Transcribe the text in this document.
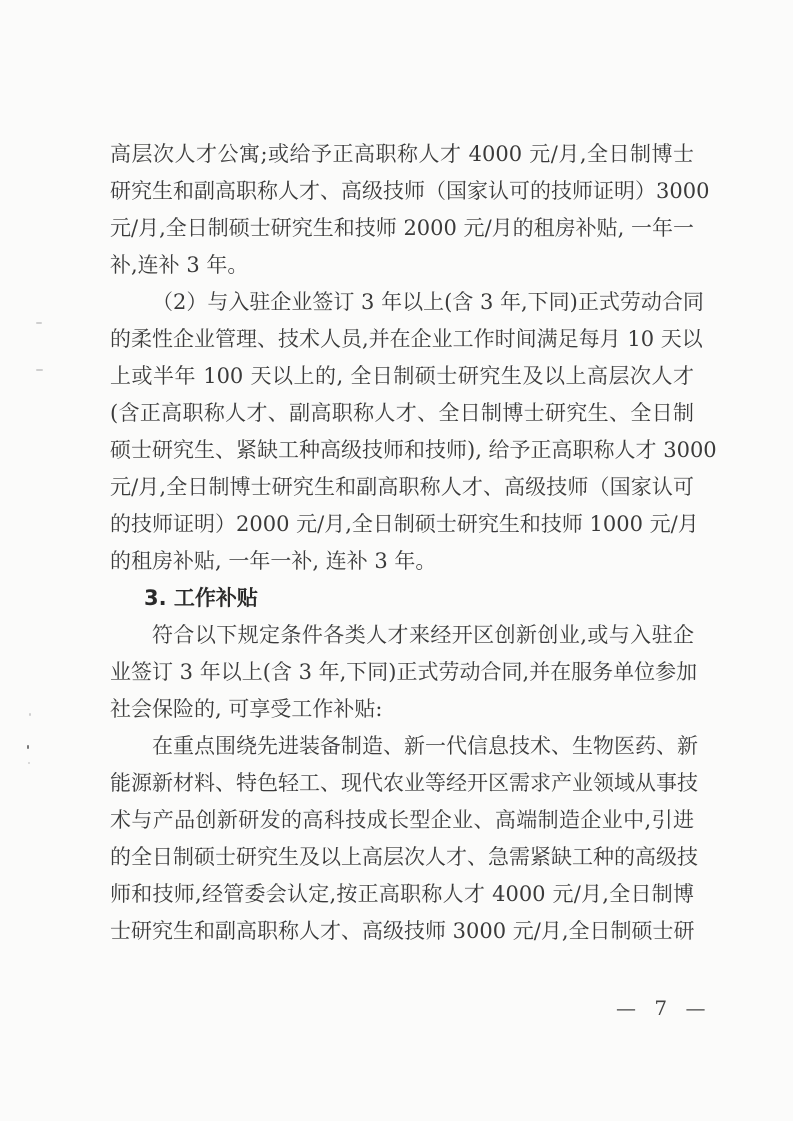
高层次人才公寓;或给予正高职称人才 4000 元/月,全日制博士
研究生和副高职称人才、高级技师（国家认可的技师证明）3000
元/月,全日制硕士研究生和技师 2000 元/月的租房补贴, 一年一
补,连补 3 年。
（2）与入驻企业签订 3 年以上(含 3 年,下同)正式劳动合同
的柔性企业管理、技术人员,并在企业工作时间满足每月 10 天以
上或半年 100 天以上的, 全日制硕士研究生及以上高层次人才
(含正高职称人才、副高职称人才、全日制博士研究生、全日制
硕士研究生、紧缺工种高级技师和技师), 给予正高职称人才 3000
元/月,全日制博士研究生和副高职称人才、高级技师（国家认可
的技师证明）2000 元/月,全日制硕士研究生和技师 1000 元/月
的租房补贴, 一年一补, 连补 3 年。
3. 工作补贴
符合以下规定条件各类人才来经开区创新创业,或与入驻企
业签订 3 年以上(含 3 年,下同)正式劳动合同,并在服务单位参加
社会保险的, 可享受工作补贴:
在重点围绕先进装备制造、新一代信息技术、生物医药、新
能源新材料、特色轻工、现代农业等经开区需求产业领域从事技
术与产品创新研发的高科技成长型企业、高端制造企业中,引进
的全日制硕士研究生及以上高层次人才、急需紧缺工种的高级技
师和技师,经管委会认定,按正高职称人才 4000 元/月,全日制博
士研究生和副高职称人才、高级技师 3000 元/月,全日制硕士研
— 7 —
